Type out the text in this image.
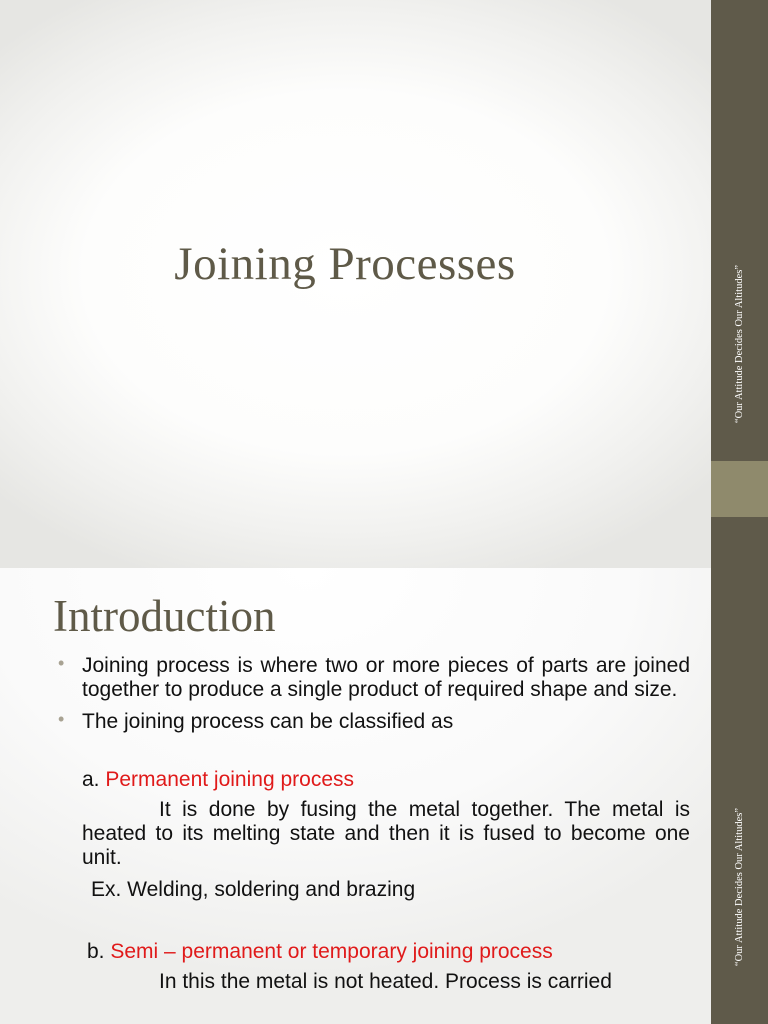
Joining Processes
“Our Attitude Decides Our Altitudes”
Introduction
• Joining process is where two or more pieces of parts are joined together to produce a single product of required shape and size.
• The joining process can be classified as
a. Permanent joining process
It is done by fusing the metal together. The metal is heated to its melting state and then it is fused to become one unit.
Ex. Welding, soldering and brazing
b. Semi – permanent or temporary joining process
In this the metal is not heated. Process is carried
“Our Attitude Decides Our Altitudes”
